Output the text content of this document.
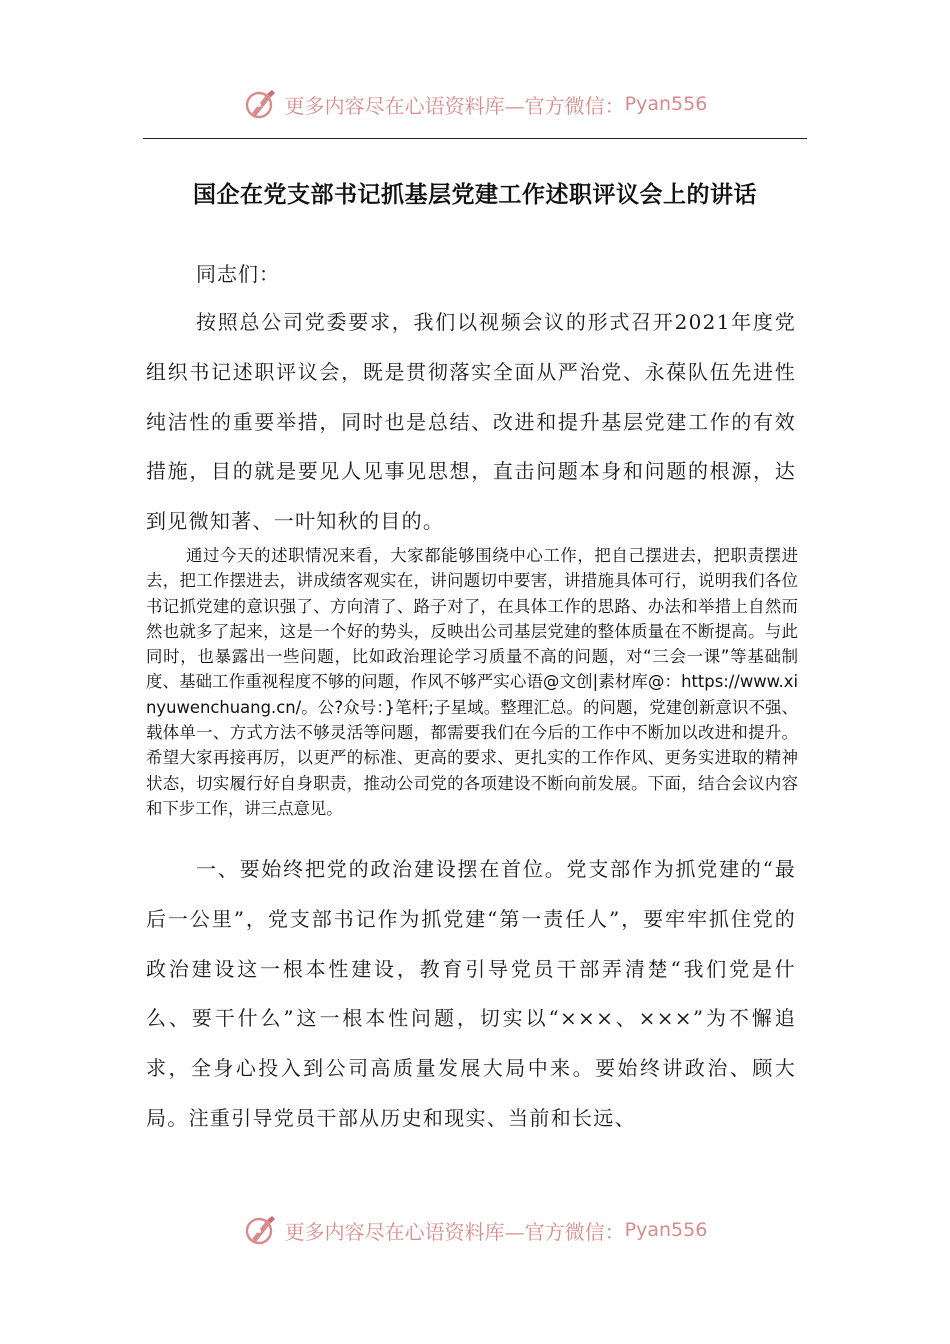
更多内容尽在心语资料库—官方微信： Pyan556
国企在党支部书记抓基层党建工作述职评议会上的讲话
同志们：

按照总公司党委要求，我们以视频会议的形式召开2021年度党组织书记述职评议会，既是贯彻落实全面从严治党、永葆队伍先进性纯洁性的重要举措，同时也是总结、改进和提升基层党建工作的有效措施，目的就是要见人见事见思想，直击问题本身和问题的根源，达到见微知著、一叶知秋的目的。

通过今天的述职情况来看，大家都能够围绕中心工作，把自己摆进去，把职责摆进去，把工作摆进去，讲成绩客观实在，讲问题切中要害，讲措施具体可行，说明我们各位书记抓党建的意识强了、方向清了、路子对了，在具体工作的思路、办法和举措上自然而然也就多了起来，这是一个好的势头，反映出公司基层党建的整体质量在不断提高。与此同时，也暴露出一些问题，比如政治理论学习质量不高的问题，对“三会一课”等基础制度、基础工作重视程度不够的问题，作风不够严实心语@文创|素材库@：https://www.xinyuwenchuang.cn/。公?众号：}笔杆;子星域。整理汇总。的问题，党建创新意识不强、载体单一、方式方法不够灵活等问题，都需要我们在今后的工作中不断加以改进和提升。希望大家再接再厉，以更严的标准、更高的要求、更扎实的工作作风、更务实进取的精神状态，切实履行好自身职责，推动公司党的各项建设不断向前发展。下面，结合会议内容和下步工作，讲三点意见。

一、要始终把党的政治建设摆在首位。党支部作为抓党建的“最后一公里”，党支部书记作为抓党建“第一责任人”，要牢牢抓住党的政治建设这一根本性建设，教育引导党员干部弄清楚“我们党是什么、要干什么”这一根本性问题，切实以“×××、×××”为不懈追求，全身心投入到公司高质量发展大局中来。要始终讲政治、顾大局。注重引导党员干部从历史和现实、当前和长远、

更多内容尽在心语资料库—官方微信： Pyan556
